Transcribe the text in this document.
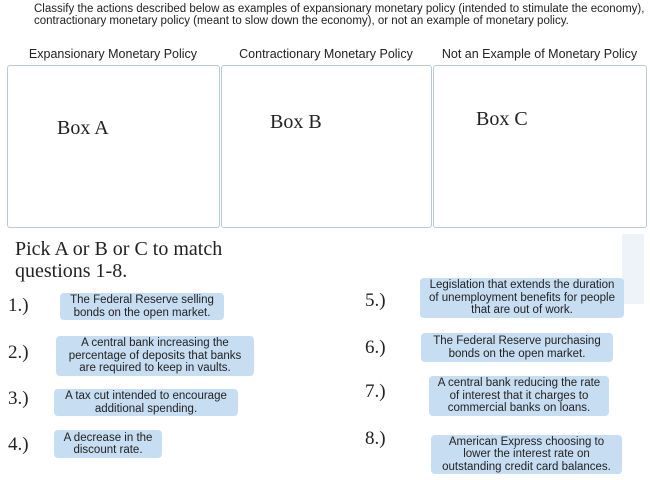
Classify the actions described below as examples of expansionary monetary policy (intended to stimulate the economy), contractionary monetary policy (meant to slow down the economy), or not an example of monetary policy.
Expansionary Monetary Policy	Contractionary Monetary Policy	Not an Example of Monetary Policy
Box A	Box B	Box C
Pick A or B or C to match questions 1-8.
1.)	The Federal Reserve selling bonds on the open market.
2.)	A central bank increasing the percentage of deposits that banks are required to keep in vaults.
3.)	A tax cut intended to encourage additional spending.
4.)	A decrease in the discount rate.
5.)
Legislation that extends the duration of unemployment benefits for people that are out of work.
6.)	The Federal Reserve purchasing bonds on the open market.
7.)	A central bank reducing the rate of interest that it charges to commercial banks on loans.
8.)	American Express choosing to lower the interest rate on outstanding credit card balances.
